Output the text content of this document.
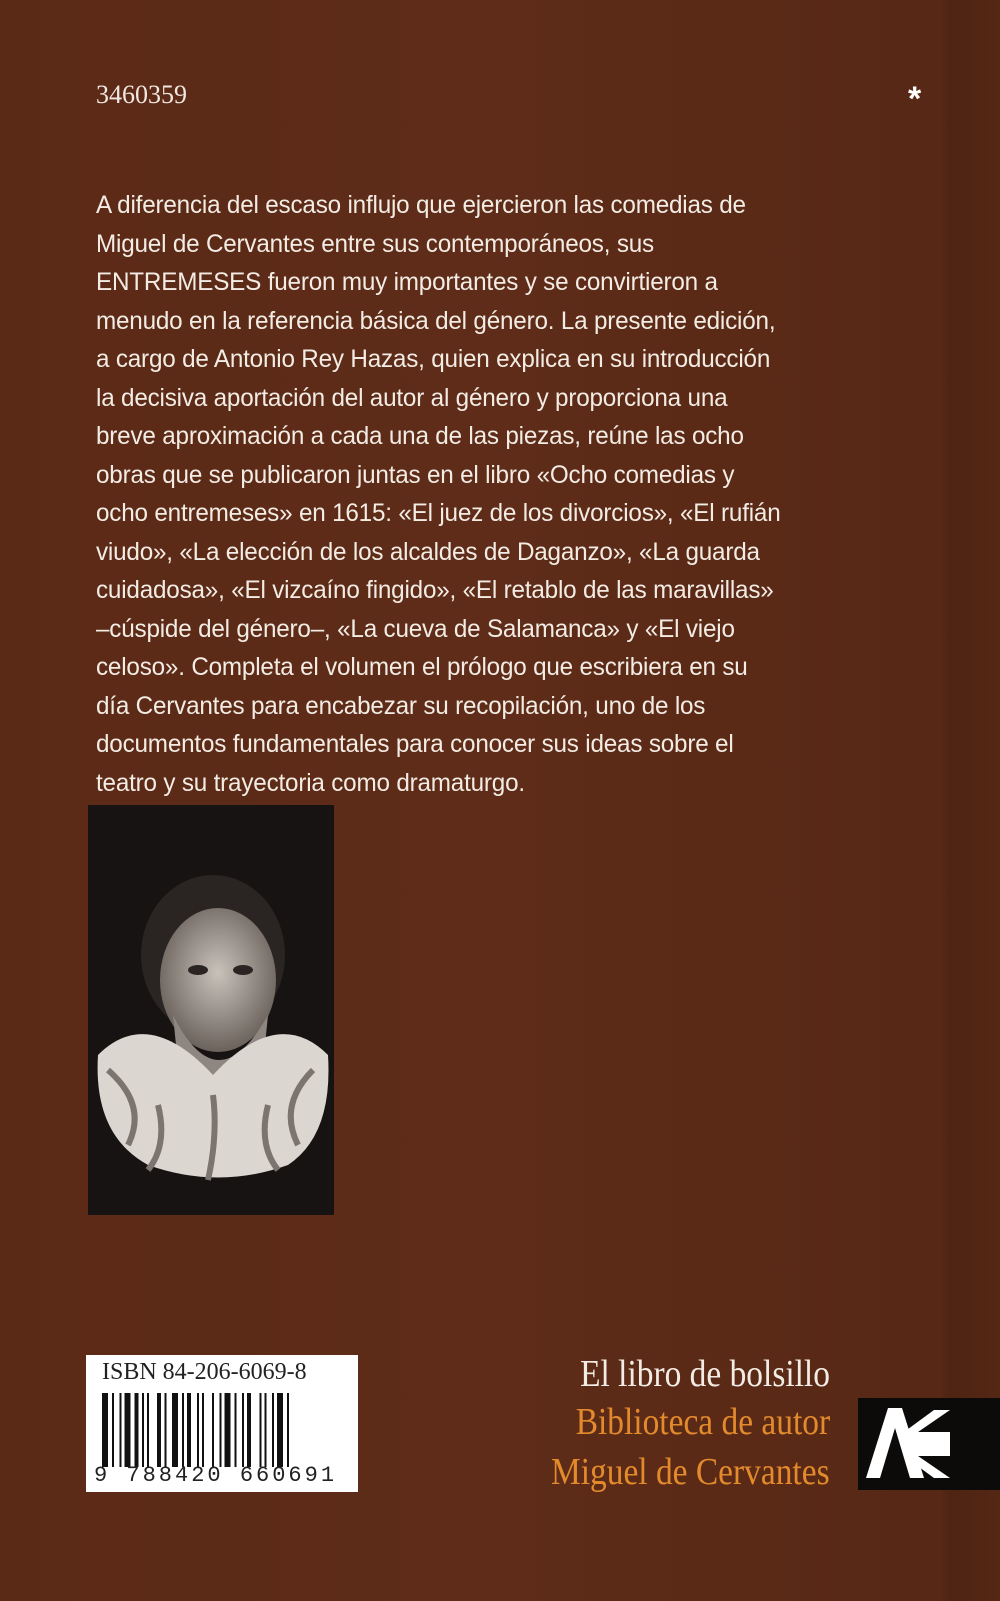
3460359	*
A diferencia del escaso influjo que ejercieron las comedias de
Miguel de Cervantes entre sus contemporáneos, sus
ENTREMESES fueron muy importantes y se convirtieron a
menudo en la referencia básica del género. La presente edición,
a cargo de Antonio Rey Hazas, quien explica en su introducción
la decisiva aportación del autor al género y proporciona una
breve aproximación a cada una de las piezas, reúne las ocho
obras que se publicaron juntas en el libro «Ocho comedias y
ocho entremeses» en 1615: «El juez de los divorcios», «El rufián
viudo», «La elección de los alcaldes de Daganzo», «La guarda
cuidadosa», «El vizcaíno fingido», «El retablo de las maravillas»
–cúspide del género–, «La cueva de Salamanca» y «El viejo
celoso». Completa el volumen el prólogo que escribiera en su
día Cervantes para encabezar su recopilación, uno de los
documentos fundamentales para conocer sus ideas sobre el
teatro y su trayectoria como dramaturgo.
ISBN 84-206-6069-8
9 788420 660691
El libro de bolsillo
Biblioteca de autor
Miguel de Cervantes
